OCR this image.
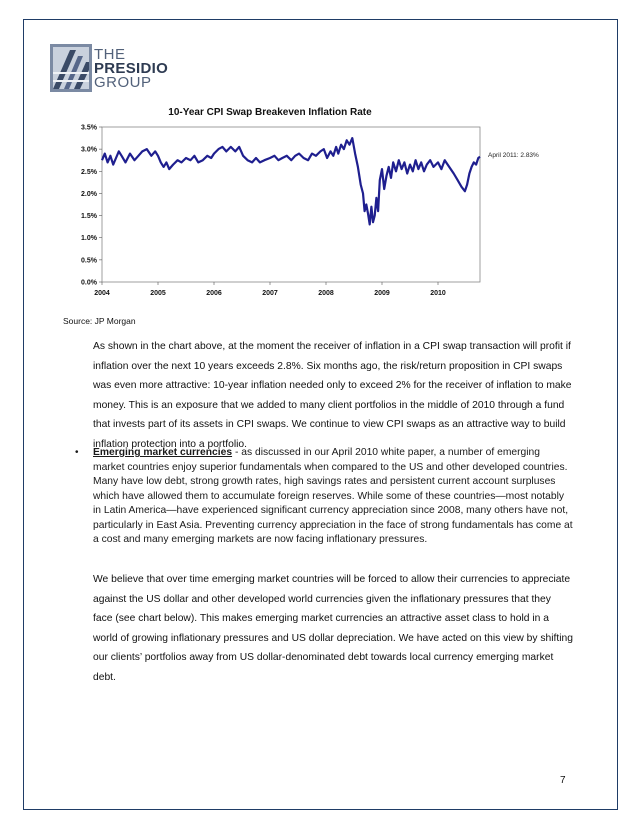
THE
PRESIDIO
GROUP
10-Year CPI Swap Breakeven Inflation Rate
0.0%
0.5%
1.0%
1.5%
2.0%
2.5%
3.0%
3.5%
2004	2005	2006	2007	2008	2009	2010
April 2011: 2.83%
Source: JP Morgan

As shown in the chart above, at the moment the receiver of inflation in a CPI swap transaction will profit if inflation over the next 10 years exceeds 2.8%. Six months ago, the risk/return proposition in CPI swaps was even more attractive: 10-year inflation needed only to exceed 2% for the receiver of inflation to make money. This is an exposure that we added to many client portfolios in the middle of 2010 through a fund that invests part of its assets in CPI swaps. We continue to view CPI swaps as an attractive way to build inflation protection into a portfolio.

• Emerging market currencies - as discussed in our April 2010 white paper, a number of emerging market countries enjoy superior fundamentals when compared to the US and other developed countries. Many have low debt, strong growth rates, high savings rates and persistent current account surpluses which have allowed them to accumulate foreign reserves. While some of these countries—most notably in Latin America—have experienced significant currency appreciation since 2008, many others have not, particularly in East Asia. Preventing currency appreciation in the face of strong fundamentals has come at a cost and many emerging markets are now facing inflationary pressures.

We believe that over time emerging market countries will be forced to allow their currencies to appreciate against the US dollar and other developed world currencies given the inflationary pressures that they face (see chart below). This makes emerging market currencies an attractive asset class to hold in a world of growing inflationary pressures and US dollar depreciation. We have acted on this view by shifting our clients’ portfolios away from US dollar-denominated debt towards local currency emerging market debt.

7
